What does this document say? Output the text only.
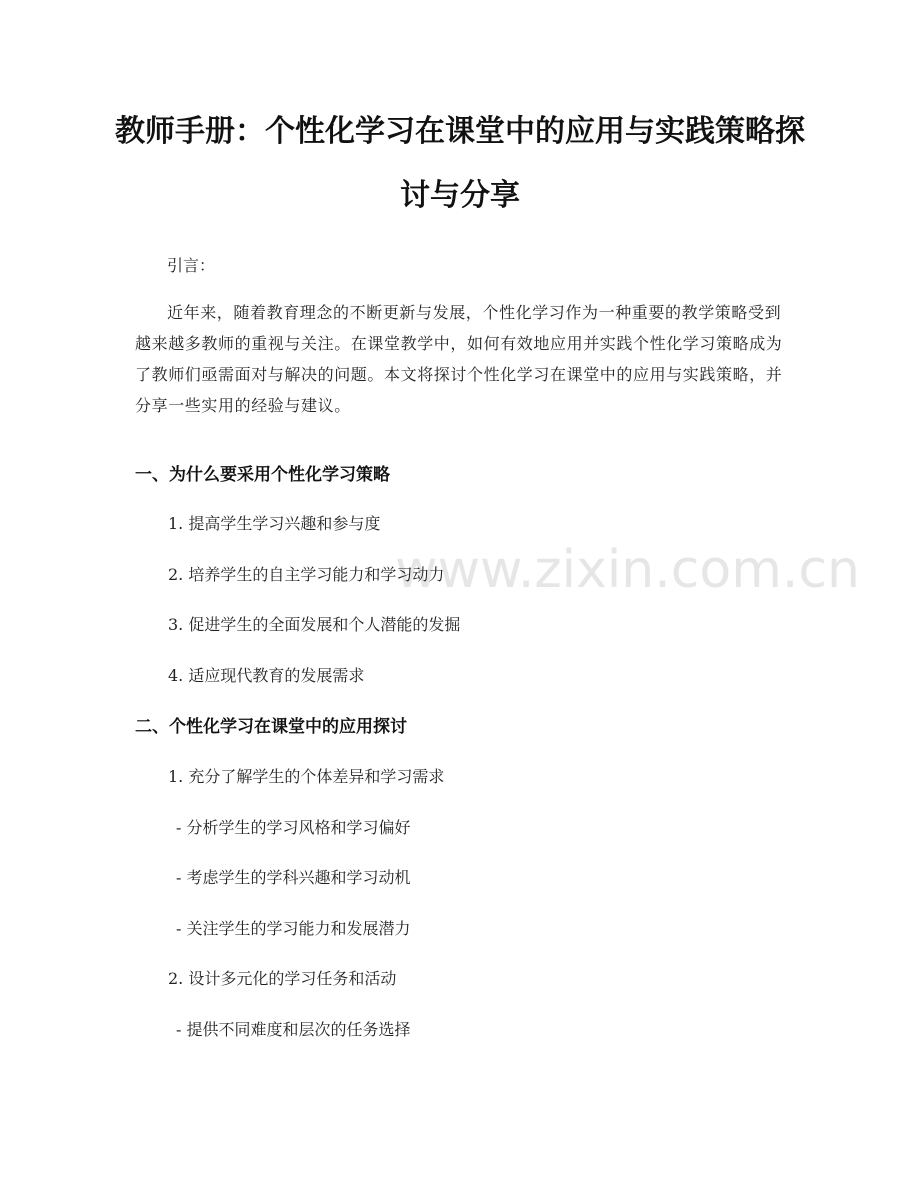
www.zixin.com.cn
教师手册：个性化学习在课堂中的应用与实践策略探讨与分享
引言：
近年来，随着教育理念的不断更新与发展，个性化学习作为一种重要的教学策略受到越来越多教师的重视与关注。在课堂教学中，如何有效地应用并实践个性化学习策略成为了教师们亟需面对与解决的问题。本文将探讨个性化学习在课堂中的应用与实践策略，并分享一些实用的经验与建议。
一、为什么要采用个性化学习策略
1. 提高学生学习兴趣和参与度
2. 培养学生的自主学习能力和学习动力
3. 促进学生的全面发展和个人潜能的发掘
4. 适应现代教育的发展需求
二、个性化学习在课堂中的应用探讨
1. 充分了解学生的个体差异和学习需求
- 分析学生的学习风格和学习偏好
- 考虑学生的学科兴趣和学习动机
- 关注学生的学习能力和发展潜力
2. 设计多元化的学习任务和活动
- 提供不同难度和层次的任务选择
